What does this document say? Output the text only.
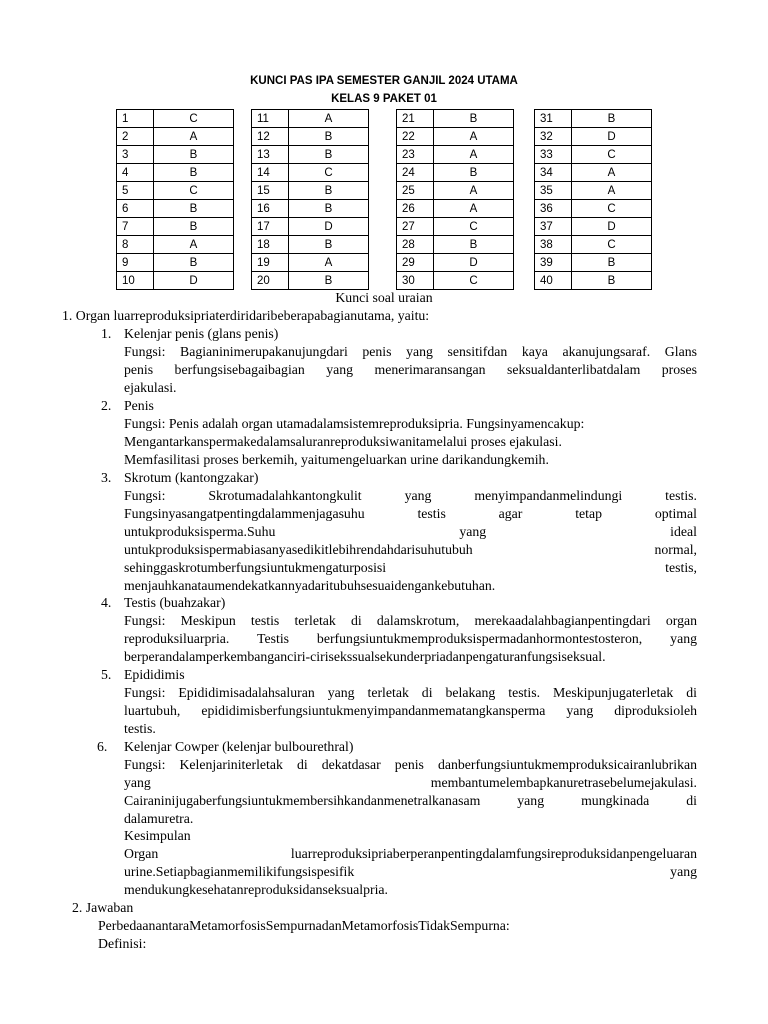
KUNCI PAS IPA SEMESTER GANJIL 2024 UTAMA
KELAS 9 PAKET 01
1	C
2	A
3	B
4	B
5	C
6	B
7	B
8	A
9	B
10	D
11	A
12	B
13	B
14	C
15	B
16	B
17	D
18	B
19	A
20	B
21	B
22	A
23	A
24	B
25	A
26	A
27	C
28	B
29	D
30	C
31	B
32	D
33	C
34	A
35	A
36	C
37	D
38	C
39	B
40	B
Kunci soal uraian
1. Organ luarreproduksipriaterdiridaribeberapabagianutama, yaitu:
1. Kelenjar penis (glans penis)
Fungsi: Bagianinimerupakanujungdari penis yang sensitifdan kaya akanujungsaraf. Glans
penis berfungsisebagaibagian yang menerimaransangan seksualdanterlibatdalam proses
ejakulasi.
2. Penis
Fungsi: Penis adalah organ utamadalamsistemreproduksipria. Fungsinyamencakup:
Mengantarkanspermakedalamsaluranreproduksiwanitamelalui proses ejakulasi.
Memfasilitasi proses berkemih, yaitumengeluarkan urine darikandungkemih.
3. Skrotum (kantongzakar)
Fungsi: Skrotumadalahkantongkulit yang menyimpandanmelindungi testis.
Fungsinyasangatpentingdalammenjagasuhu testis agar tetap optimal
untukproduksisperma.Suhu yang ideal
untukproduksispermabiasanyasedikitlebihrendahdarisuhutubuh normal,
sehinggaskrotumberfungsiuntukmengaturposisi testis,
menjauhkanataumendekatkannyadaritubuhsesuaidengankebutuhan.
4. Testis (buahzakar)
Fungsi: Meskipun testis terletak di dalamskrotum, merekaadalahbagianpentingdari organ
reproduksiluarpria. Testis berfungsiuntukmemproduksispermadanhormontestosteron, yang
berperandalamperkembanganciri-cirisekssualsekunderpriadanpengaturanfungsiseksual.
5. Epididimis
Fungsi: Epididimisadalahsaluran yang terletak di belakang testis. Meskipunjugaterletak di
luartubuh, epididimisberfungsiuntukmenyimpandanmematangkansperma yang diproduksioleh
testis.
6. Kelenjar Cowper (kelenjar bulbourethral)
Fungsi: Kelenjariniterletak di dekatdasar penis danberfungsiuntukmemproduksicairanlubrikan
yang membantumelembapkanuretrasebelumejakulasi.
Cairaninijugaberfungsiuntukmembersihkandanmenetralkanasam yang mungkinada di
dalamuretra.
Kesimpulan
Organ luarreproduksipriaberperanpentingdalamfungsireproduksidanpengeluaran
urine.Setiapbagianmemilikifungsispesifik yang
mendukungkesehatanreproduksidanseksualpria.
2. Jawaban
PerbedaanantaraMetamorfosisSempurnadanMetamorfosisTidakSempurna:
Definisi:
